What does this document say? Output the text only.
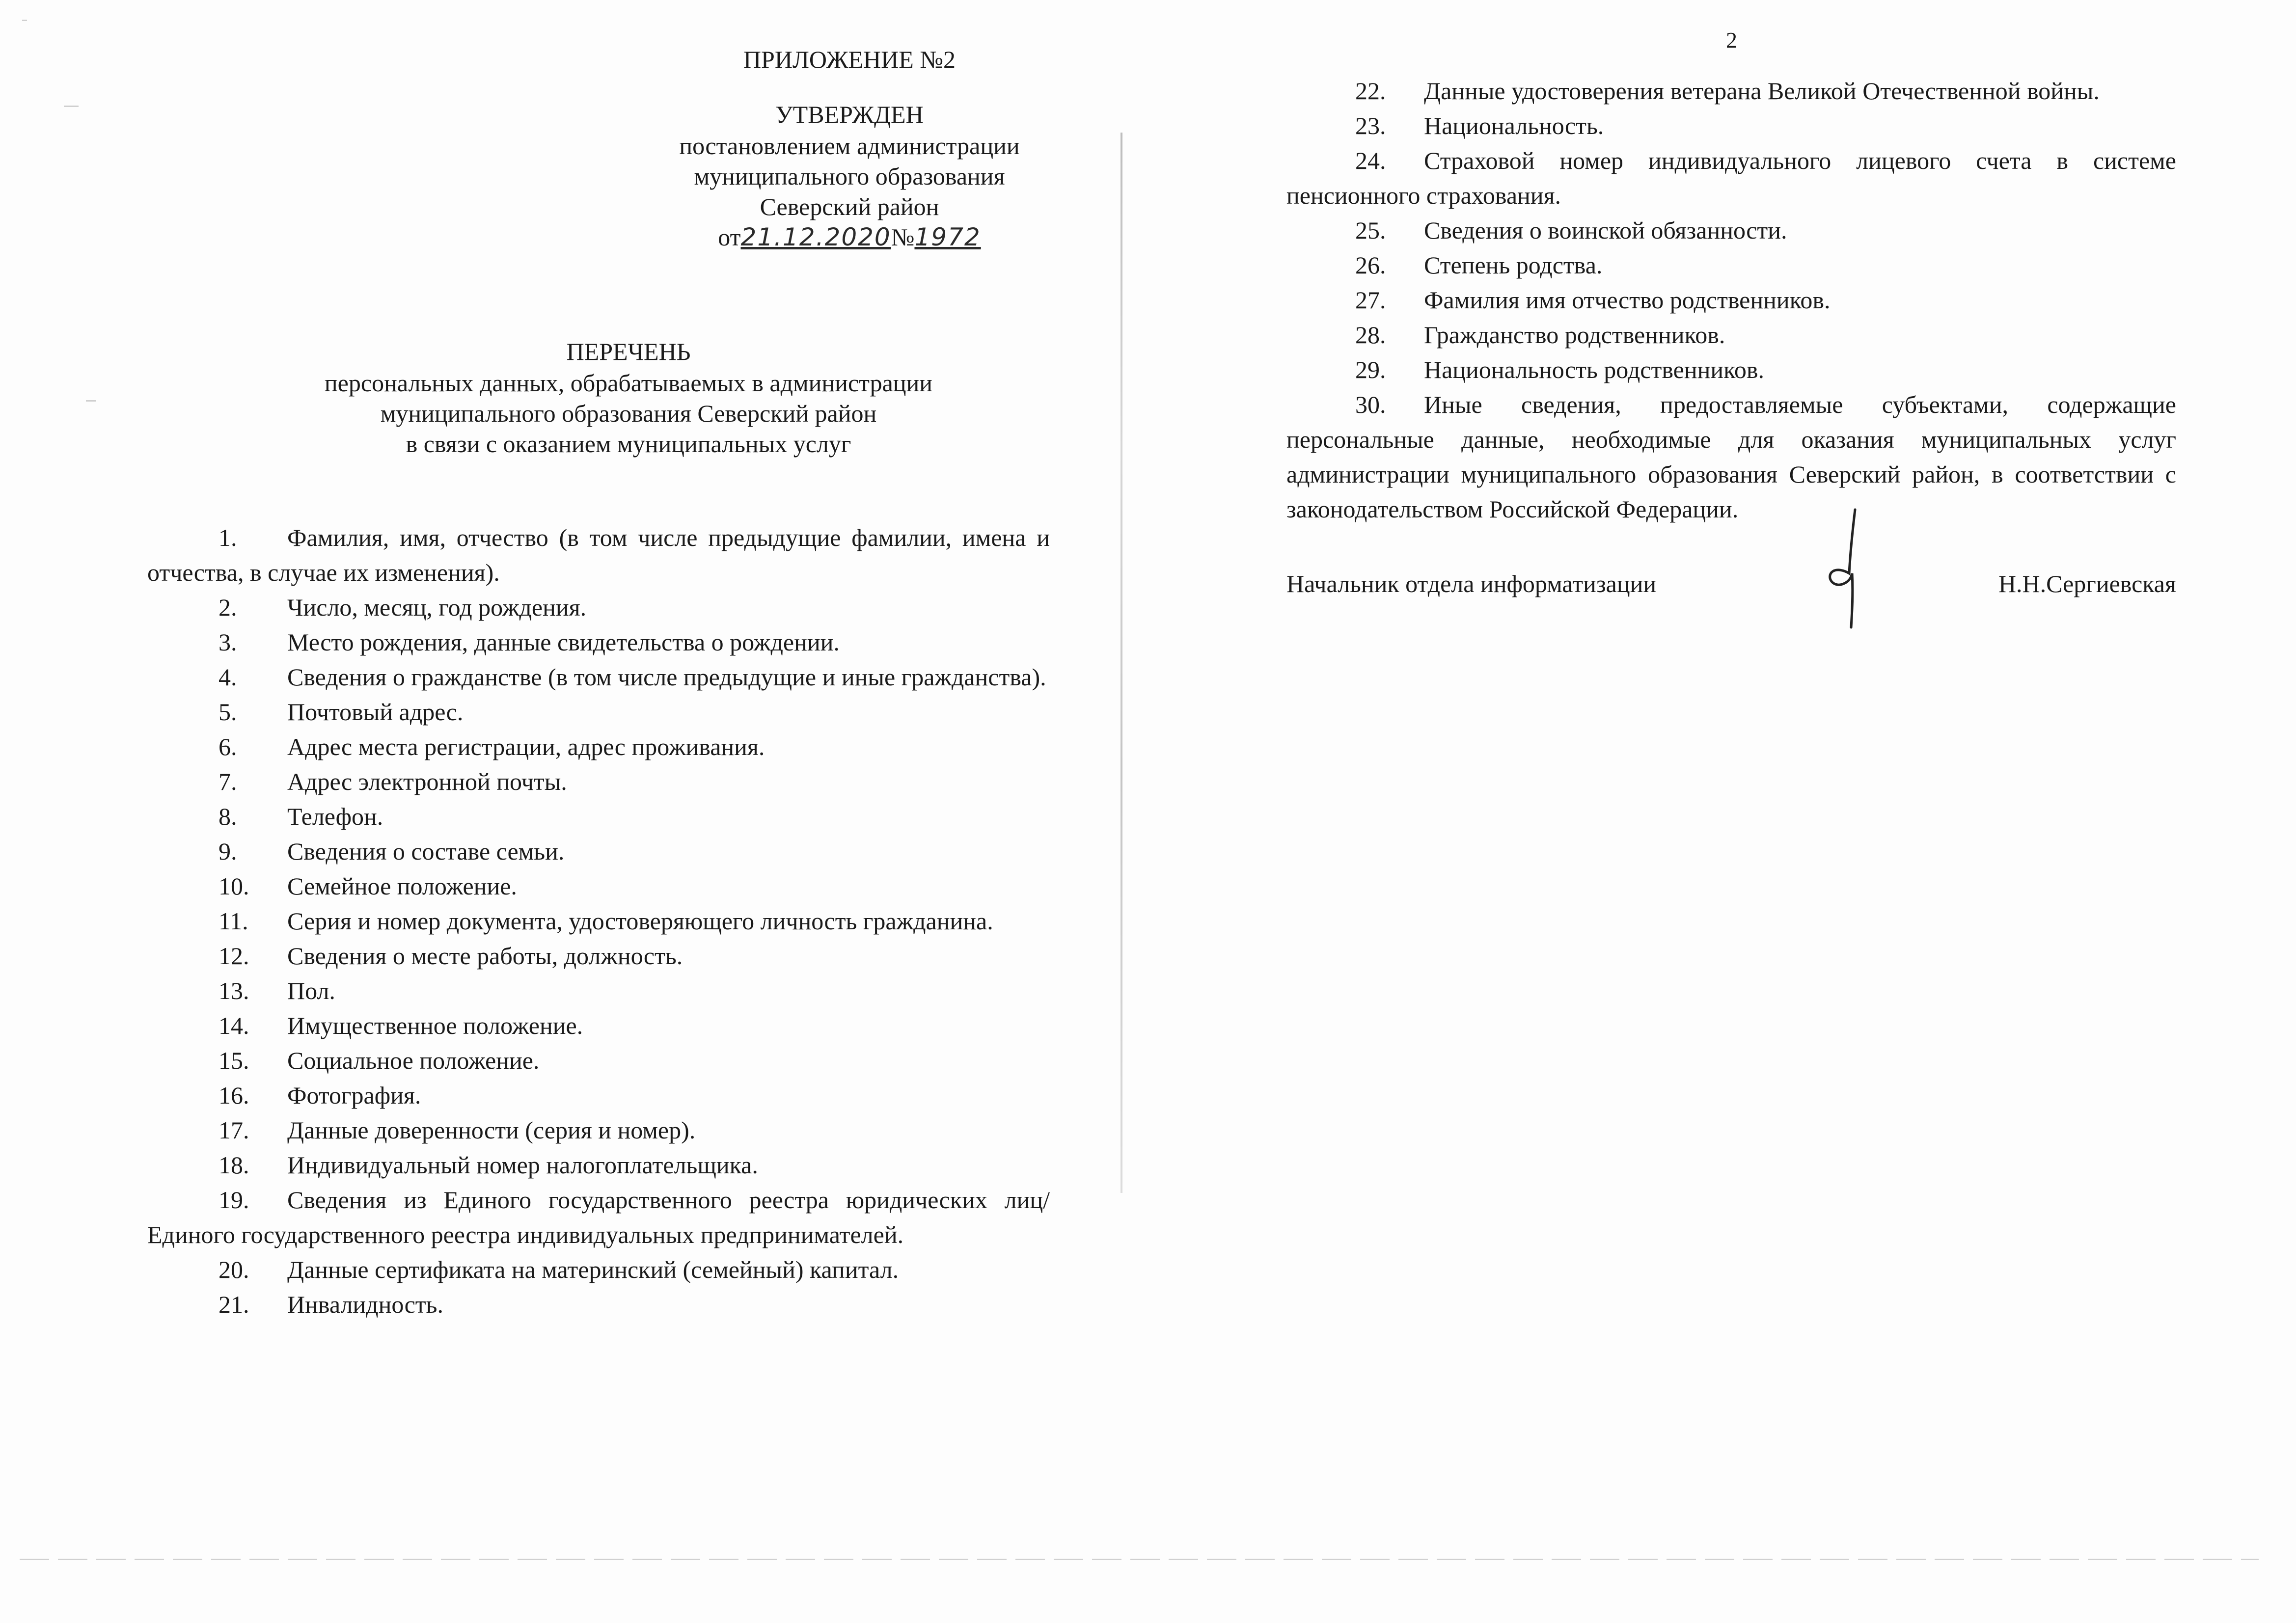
ПРИЛОЖЕНИЕ №2
УТВЕРЖДЕН
постановлением администрации
муниципального образования
Северский район
от21.12.2020№1972
ПЕРЕЧЕНЬ
персональных данных, обрабатываемых в администрации
муниципального образования Северский район
в связи с оказанием муниципальных услуг
1. Фамилия, имя, отчество (в том числе предыдущие фамилии, имена и отчества, в случае их изменения).
2. Число, месяц, год рождения.
3. Место рождения, данные свидетельства о рождении.
4. Сведения о гражданстве (в том числе предыдущие и иные гражданства).
5. Почтовый адрес.
6. Адрес места регистрации, адрес проживания.
7. Адрес электронной почты.
8. Телефон.
9. Сведения о составе семьи.
10. Семейное положение.
11. Серия и номер документа, удостоверяющего личность гражданина.
12. Сведения о месте работы, должность.
13. Пол.
14. Имущественное положение.
15. Социальное положение.
16. Фотография.
17. Данные доверенности (серия и номер).
18. Индивидуальный номер налогоплательщика.
19. Сведения из Единого государственного реестра юридических лиц/Единого государственного реестра индивидуальных предпринимателей.
20. Данные сертификата на материнский (семейный) капитал.
21. Инвалидность.
2
22. Данные удостоверения ветерана Великой Отечественной войны.
23. Национальность.
24. Страховой номер индивидуального лицевого счета в системе пенсионного страхования.
25. Сведения о воинской обязанности.
26. Степень родства.
27. Фамилия имя отчество родственников.
28. Гражданство родственников.
29. Национальность родственников.
30. Иные сведения, предоставляемые субъектами, содержащие персональные данные, необходимые для оказания муниципальных услуг администрации муниципального образования Северский район, в соответствии с законодательством Российской Федерации.
Начальник отдела информатизации	Н.Н.Сергиевская
